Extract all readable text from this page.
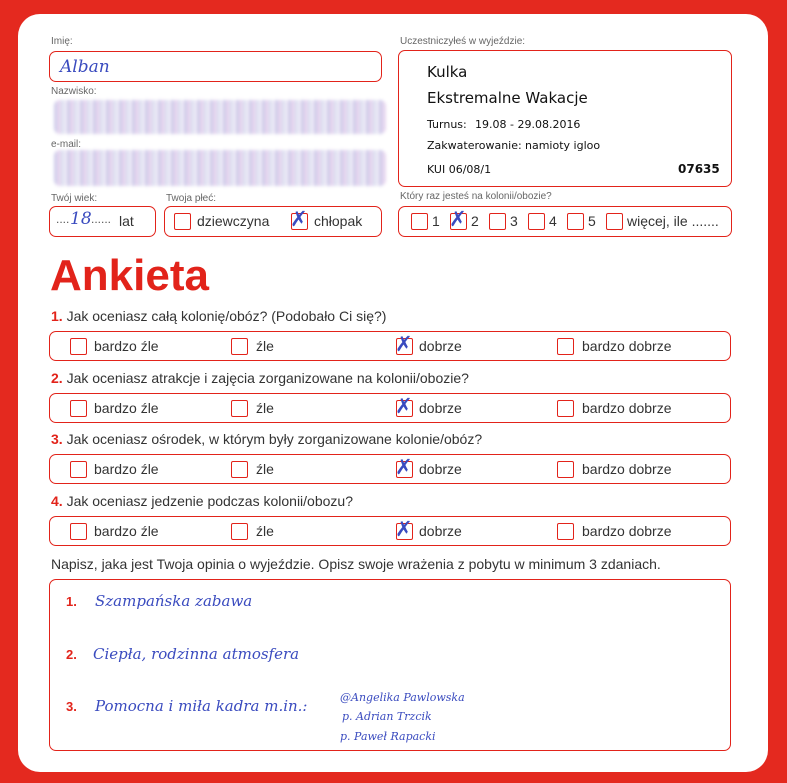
Imię:
Alban
Nazwisko:
e-mail:
Twój wiek:
.... 18 ...... lat
Twoja płeć:
dziewczyna ✗ chłopak
Uczestniczyłeś w wyjeździe:
Kulka
Ekstremalne Wakacje
Turnus: 19.08 - 29.08.2016
Zakwaterowanie: namioty igloo
KUI 06/08/1	07635
Który raz jesteś na kolonii/obozie?
1 ✗ 2 3 4 5 więcej, ile .......
Ankieta
1. Jak oceniasz całą kolonię/obóz? (Podobało Ci się?)
bardzo źle	źle	✗ dobrze	bardzo dobrze
2. Jak oceniasz atrakcje i zajęcia zorganizowane na kolonii/obozie?
bardzo źle	źle	✗ dobrze	bardzo dobrze
3. Jak oceniasz ośrodek, w którym były zorganizowane kolonie/obóz?
bardzo źle	źle	✗ dobrze	bardzo dobrze
4. Jak oceniasz jedzenie podczas kolonii/obozu?
bardzo źle	źle	✗ dobrze	bardzo dobrze
Napisz, jaka jest Twoja opinia o wyjeździe. Opisz swoje wrażenia z pobytu w minimum 3 zdaniach.
1. Szampańska zabawa
2. Ciepła, rodzinna atmosfera
3. Pomocna i miła kadra m.in.:	@Angelika Pawlowska
p. Adrian Trzcik
p. Paweł Rapacki
